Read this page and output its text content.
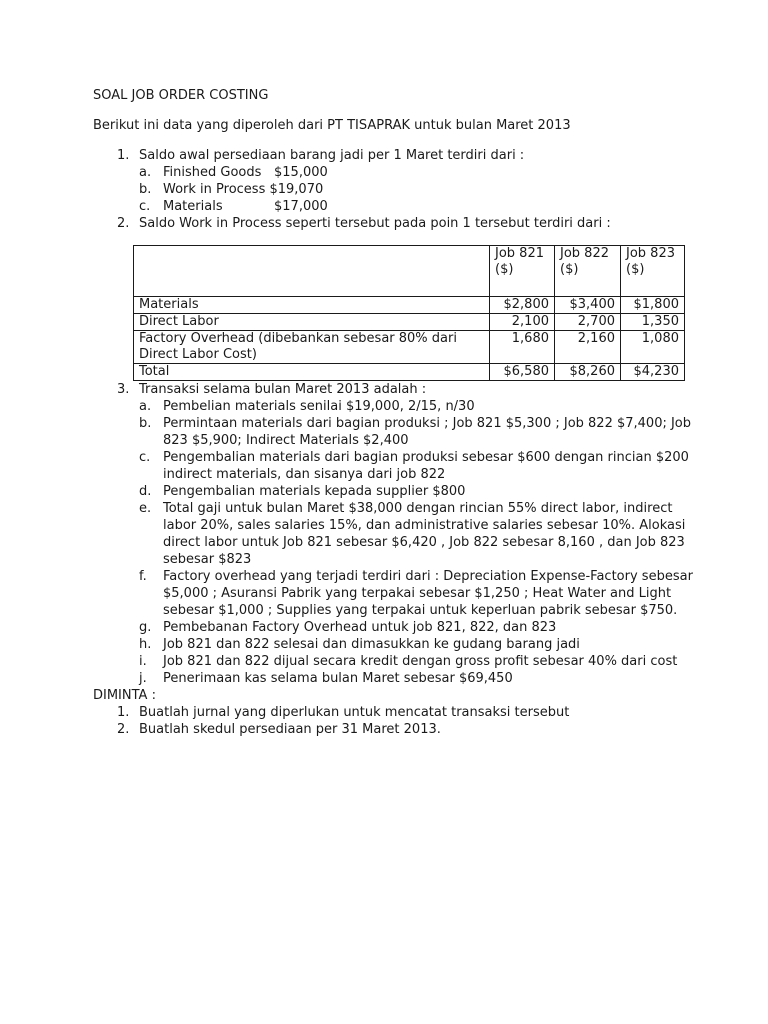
SOAL JOB ORDER COSTING
Berikut ini data yang diperoleh dari PT TISAPRAK untuk bulan Maret 2013
1. Saldo awal persediaan barang jadi per 1 Maret terdiri dari :
a. Finished Goods $15,000
b. Work in Process $19,070
c. Materials	$17,000
2. Saldo Work in Process seperti tersebut pada poin 1 tersebut terdiri dari :
	Job 821 ($)	Job 822 ($)	Job 823 ($)
Materials	$2,800	$3,400	$1,800
Direct Labor	2,100	2,700	1,350
Factory Overhead (dibebankan sebesar 80% dari Direct Labor Cost)	1,680	2,160	1,080
Total	$6,580	$8,260	$4,230
3. Transaksi selama bulan Maret 2013 adalah :
a. Pembelian materials senilai $19,000, 2/15, n/30
b. Permintaan materials dari bagian produksi ; Job 821 $5,300 ; Job 822 $7,400; Job 823 $5,900; Indirect Materials $2,400
c. Pengembalian materials dari bagian produksi sebesar $600 dengan rincian $200 indirect materials, dan sisanya dari job 822
d. Pengembalian materials kepada supplier $800
e. Total gaji untuk bulan Maret $38,000 dengan rincian 55% direct labor, indirect labor 20%, sales salaries 15%, dan administrative salaries sebesar 10%. Alokasi direct labor untuk Job 821 sebesar $6,420 , Job 822 sebesar 8,160 , dan Job 823 sebesar $823
f. Factory overhead yang terjadi terdiri dari : Depreciation Expense-Factory sebesar $5,000 ; Asuransi Pabrik yang terpakai sebesar $1,250 ; Heat Water and Light sebesar $1,000 ; Supplies yang terpakai untuk keperluan pabrik sebesar $750.
g. Pembebanan Factory Overhead untuk job 821, 822, dan 823
h. Job 821 dan 822 selesai dan dimasukkan ke gudang barang jadi
i. Job 821 dan 822 dijual secara kredit dengan gross profit sebesar 40% dari cost
j. Penerimaan kas selama bulan Maret sebesar $69,450
DIMINTA :
1. Buatlah jurnal yang diperlukan untuk mencatat transaksi tersebut
2. Buatlah skedul persediaan per 31 Maret 2013.
